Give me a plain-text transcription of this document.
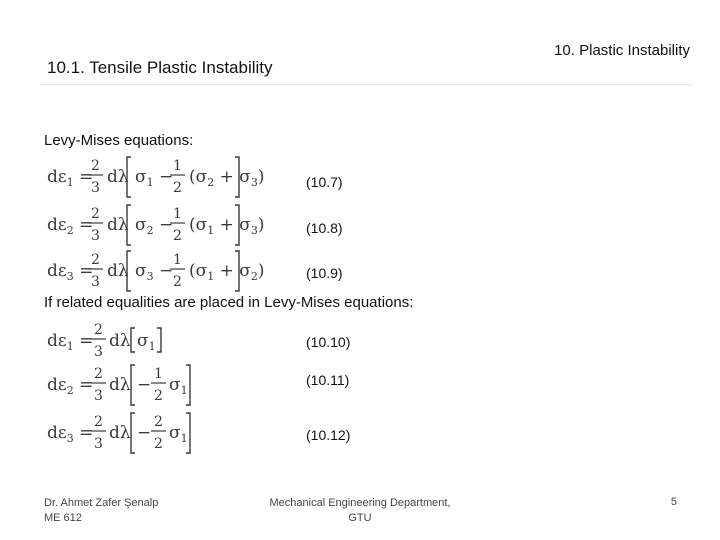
10. Plastic Instability
10.1. Tensile Plastic Instability
Levy-Mises equations:
$d\varepsilon_1$ =
2
3
dλ $\sigma_1$ −
1
2
$(\sigma_2 + \sigma_3)$	(10.7)
$d\varepsilon_2$ =
2
3
dλ $\sigma_2$ −
1
2
$(\sigma_1 + \sigma_3)$	(10.8)
$d\varepsilon_3$ =
2
3
dλ $\sigma_3$ −
1
2
$(\sigma_1 + \sigma_2)$	(10.9)
If related equalities are placed in Levy-Mises equations:
$d\varepsilon_1$ =
2
3
dλ $\sigma_1$	(10.10)
$d\varepsilon_2$ =
2
3
dλ −
1
2
$\sigma_1$
(10.11)
$d\varepsilon_3$ =
2
3
dλ −
2
2
$\sigma_1$	(10.12)
Dr. Ahmet Zafer Şenalp
ME 612
Mechanical Engineering Department,
GTU
5
